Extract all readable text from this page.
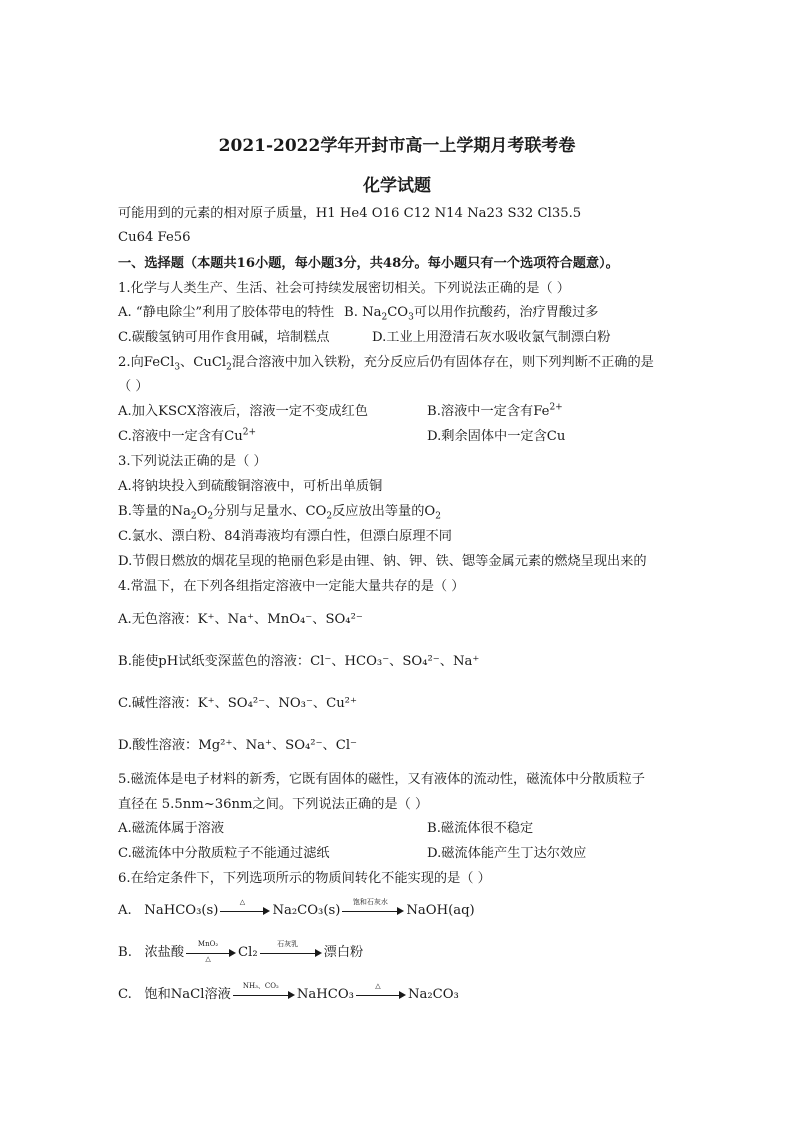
2021-2022学年开封市高一上学期月考联考卷
化学试题
可能用到的元素的相对原子质量，H1 He4 O16 C12 N14 Na23 S32 Cl35.5
Cu64 Fe56
一、选择题（本题共16小题，每小题3分，共48分。每小题只有一个选项符合题意）。
1.化学与人类生产、生活、社会可持续发展密切相关。下列说法正确的是（ ）
A. “静电除尘”利用了胶体带电的特性 B. $Na_2CO_3$可以用作抗酸药，治疗胃酸过多
C.碳酸氢钠可用作食用碱，培制糕点	D.工业上用澄清石灰水吸收氯气制漂白粉
2.向FeCl$_3$、CuCl$_2$混合溶液中加入铁粉，充分反应后仍有固体存在，则下列判断不正确的是
（ ）
A.加入KSCX溶液后，溶液一定不变成红色	B.溶液中一定含有$Fe^{2+}$
C.溶液中一定含有$Cu^{2+}$	D.剩余固体中一定含Cu
3.下列说法正确的是（ ）
A.将钠块投入到硫酸铜溶液中，可析出单质铜
B.等量的$Na_2O_2$分别与足量水、$CO_2$反应放出等量的$O_2$
C.氯水、漂白粉、84消毒液均有漂白性，但漂白原理不同
D.节假日燃放的烟花呈现的艳丽色彩是由锂、钠、钾、铁、锶等金属元素的燃烧呈现出来的
4.常温下，在下列各组指定溶液中一定能大量共存的是（ ）
A.无色溶液：K⁺、Na⁺、MnO₄⁻、SO₄²⁻
B.能使pH试纸变深蓝色的溶液：Cl⁻、HCO₃⁻、SO₄²⁻、Na⁺
C.碱性溶液：K⁺、SO₄²⁻、NO₃⁻、Cu²⁺
D.酸性溶液：Mg²⁺、Na⁺、SO₄²⁻、Cl⁻
5.磁流体是电子材料的新秀，它既有固体的磁性，又有液体的流动性，磁流体中分散质粒子
直径在 5.5nm~36nm之间。下列说法正确的是（ ）
A.磁流体属于溶液	B.磁流体很不稳定
C.磁流体中分散质粒子不能通过滤纸	D.磁流体能产生丁达尔效应
6.在给定条件下，下列选项所示的物质间转化不能实现的是（ ）
A. NaHCO₃(s)
△
Na₂CO₃(s)
饱和石灰水
NaOH(aq)
B. 浓盐酸
MnO₂
△	Cl₂
石灰乳
漂白粉
C. 饱和NaCl溶液
NH₃、CO₂
NaHCO₃
△
Na₂CO₃
